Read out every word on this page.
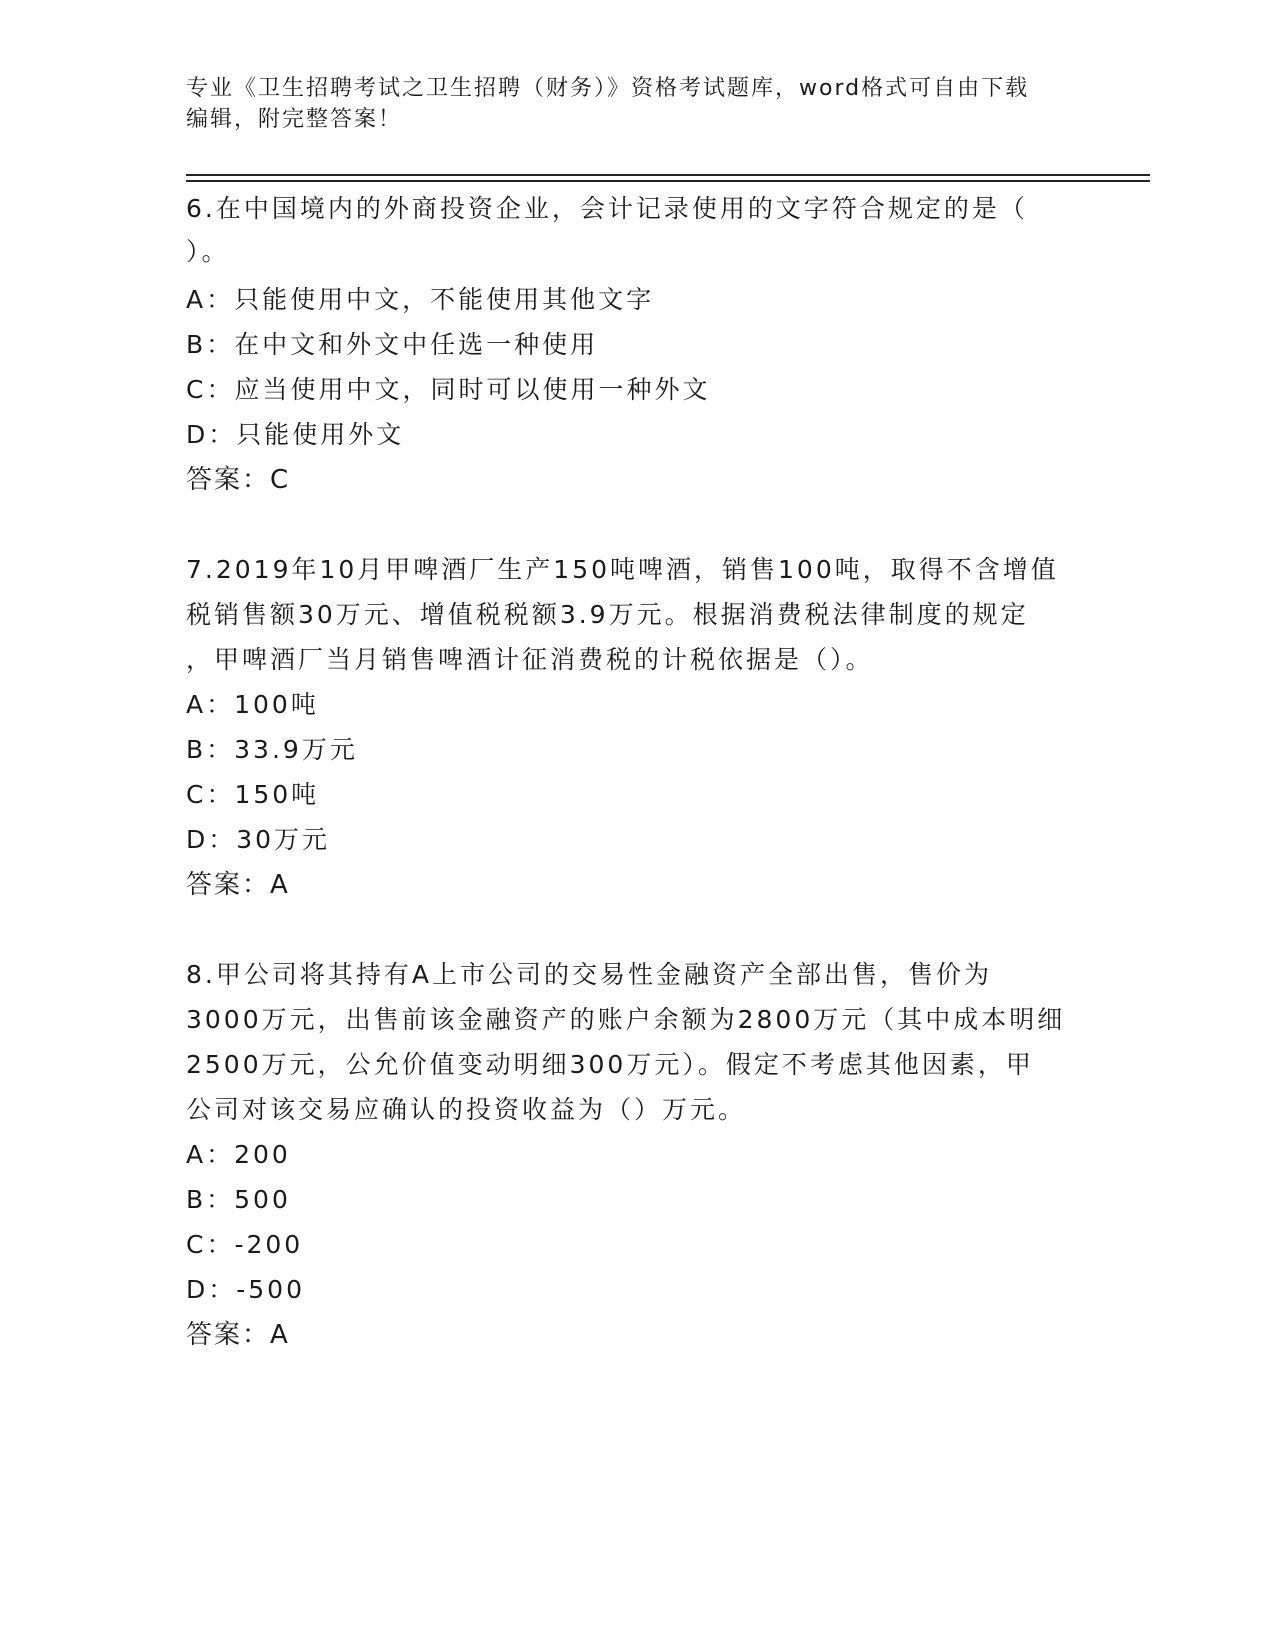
专业《卫生招聘考试之卫生招聘（财务）》资格考试题库，word格式可自由下载
编辑，附完整答案！
6.在中国境内的外商投资企业，会计记录使用的文字符合规定的是（
）。
A：只能使用中文，不能使用其他文字
B：在中文和外文中任选一种使用
C：应当使用中文，同时可以使用一种外文
D：只能使用外文
答案：C
7.2019年10月甲啤酒厂生产150吨啤酒，销售100吨，取得不含增值
税销售额30万元、增值税税额3.9万元。根据消费税法律制度的规定
，甲啤酒厂当月销售啤酒计征消费税的计税依据是（）。
A：100吨
B：33.9万元
C：150吨
D：30万元
答案：A
8.甲公司将其持有A上市公司的交易性金融资产全部出售，售价为
3000万元，出售前该金融资产的账户余额为2800万元（其中成本明细
2500万元，公允价值变动明细300万元）。假定不考虑其他因素，甲
公司对该交易应确认的投资收益为（）万元。
A：200
B：500
C：-200
D：-500
答案：A
